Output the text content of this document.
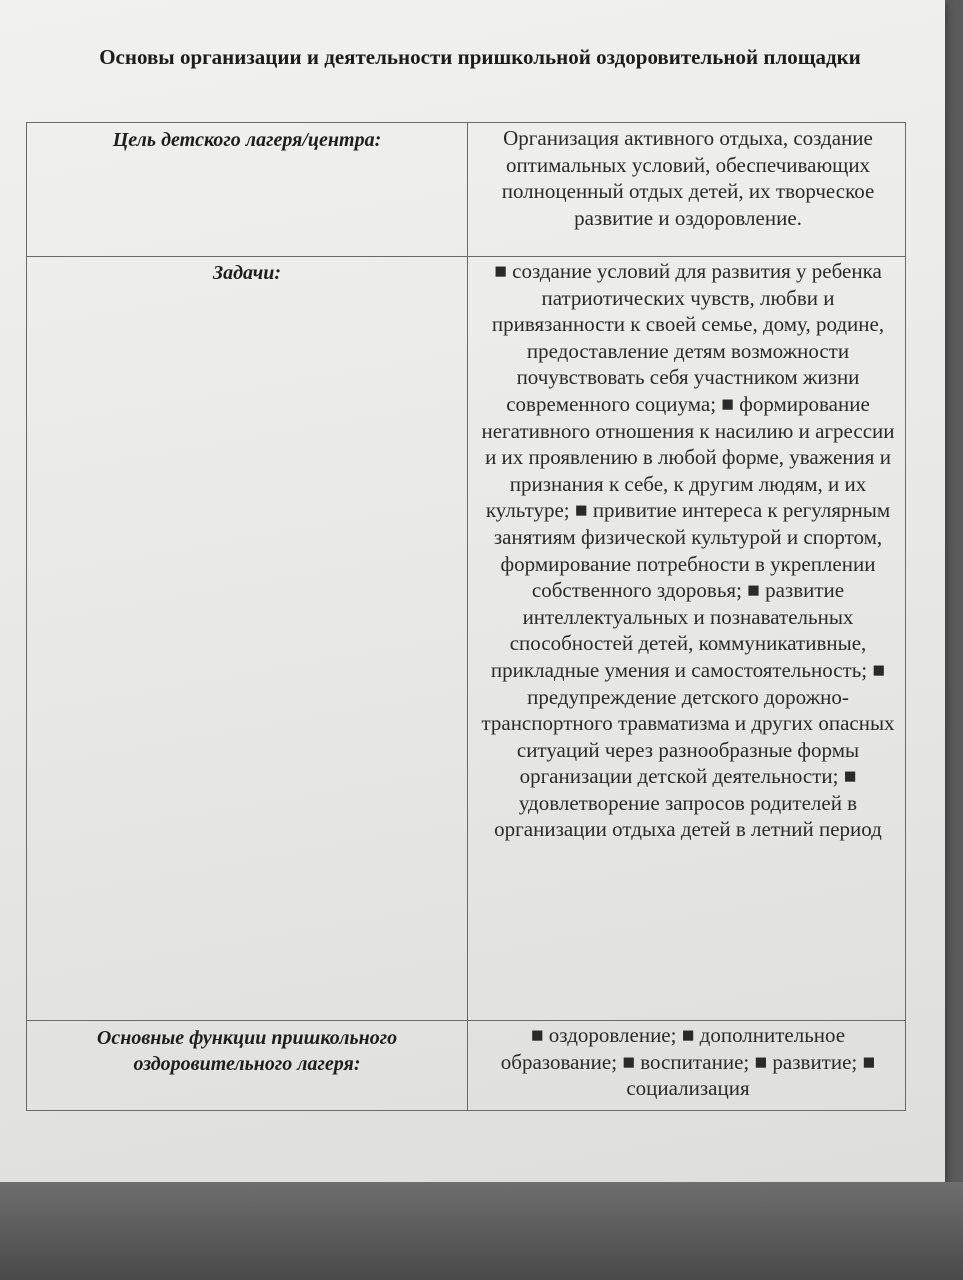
Основы организации и деятельности пришкольной оздоровительной площадки
Цель детского лагеря/центра:	Организация активного отдыха, создание оптимальных условий, обеспечивающих полноценный отдых детей, их творческое развитие и оздоровление.
Задачи:	■ создание условий для развития у ребенка патриотических чувств, любви и привязанности к своей семье, дому, родине, предоставление детям возможности почувствовать себя участником жизни современного социума; ■ формирование негативного отношения к насилию и агрессии и их проявлению в любой форме, уважения и признания к себе, к другим людям, и их культуре; ■ привитие интереса к регулярным занятиям физической культурой и спортом, формирование потребности в укреплении собственного здоровья; ■ развитие интеллектуальных и познавательных способностей детей, коммуникативные, прикладные умения и самостоятельность; ■ предупреждение детского дорожно-транспортного травматизма и других опасных ситуаций через разнообразные формы организации детской деятельности; ■ удовлетворение запросов родителей в организации отдыха детей в летний период
Основные функции пришкольного оздоровительного лагеря:
■ оздоровление; ■ дополнительное образование; ■ воспитание; ■ развитие; ■ социализация
